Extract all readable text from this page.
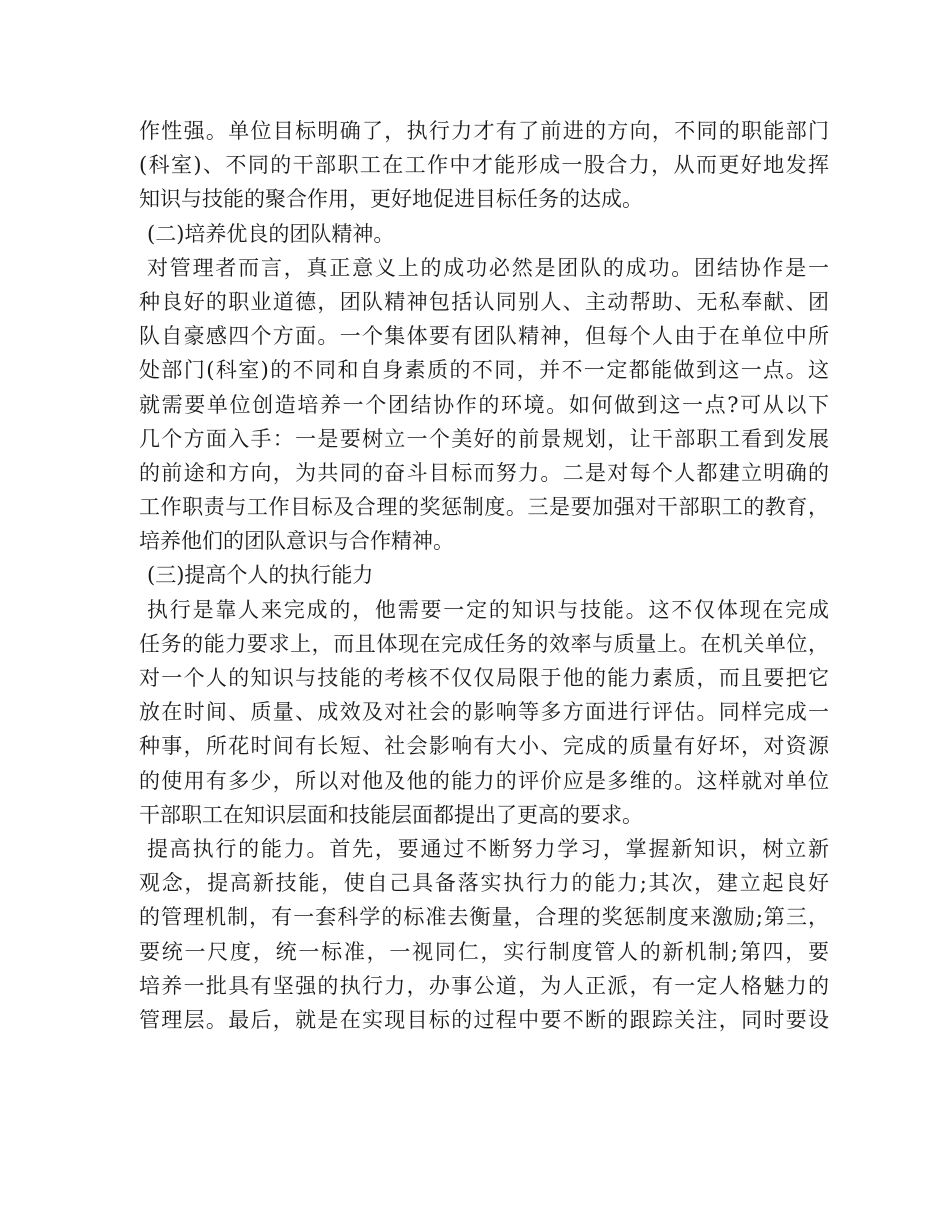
作性强。单位目标明确了，执行力才有了前进的方向，不同的职能部门
(科室)、不同的干部职工在工作中才能形成一股合力，从而更好地发挥
知识与技能的聚合作用，更好地促进目标任务的达成。
(二)培养优良的团队精神。
对管理者而言，真正意义上的成功必然是团队的成功。团结协作是一
种良好的职业道德，团队精神包括认同别人、主动帮助、无私奉献、团
队自豪感四个方面。一个集体要有团队精神，但每个人由于在单位中所
处部门(科室)的不同和自身素质的不同，并不一定都能做到这一点。这
就需要单位创造培养一个团结协作的环境。如何做到这一点?可从以下
几个方面入手：一是要树立一个美好的前景规划，让干部职工看到发展
的前途和方向，为共同的奋斗目标而努力。二是对每个人都建立明确的
工作职责与工作目标及合理的奖惩制度。三是要加强对干部职工的教育，
培养他们的团队意识与合作精神。
(三)提高个人的执行能力
执行是靠人来完成的，他需要一定的知识与技能。这不仅体现在完成
任务的能力要求上，而且体现在完成任务的效率与质量上。在机关单位，
对一个人的知识与技能的考核不仅仅局限于他的能力素质，而且要把它
放在时间、质量、成效及对社会的影响等多方面进行评估。同样完成一
种事，所花时间有长短、社会影响有大小、完成的质量有好坏，对资源
的使用有多少，所以对他及他的能力的评价应是多维的。这样就对单位
干部职工在知识层面和技能层面都提出了更高的要求。
提高执行的能力。首先，要通过不断努力学习，掌握新知识，树立新
观念，提高新技能，使自己具备落实执行力的能力;其次，建立起良好
的管理机制，有一套科学的标准去衡量，合理的奖惩制度来激励;第三，
要统一尺度，统一标准，一视同仁，实行制度管人的新机制;第四，要
培养一批具有坚强的执行力，办事公道，为人正派，有一定人格魅力的
管理层。最后，就是在实现目标的过程中要不断的跟踪关注，同时要设
